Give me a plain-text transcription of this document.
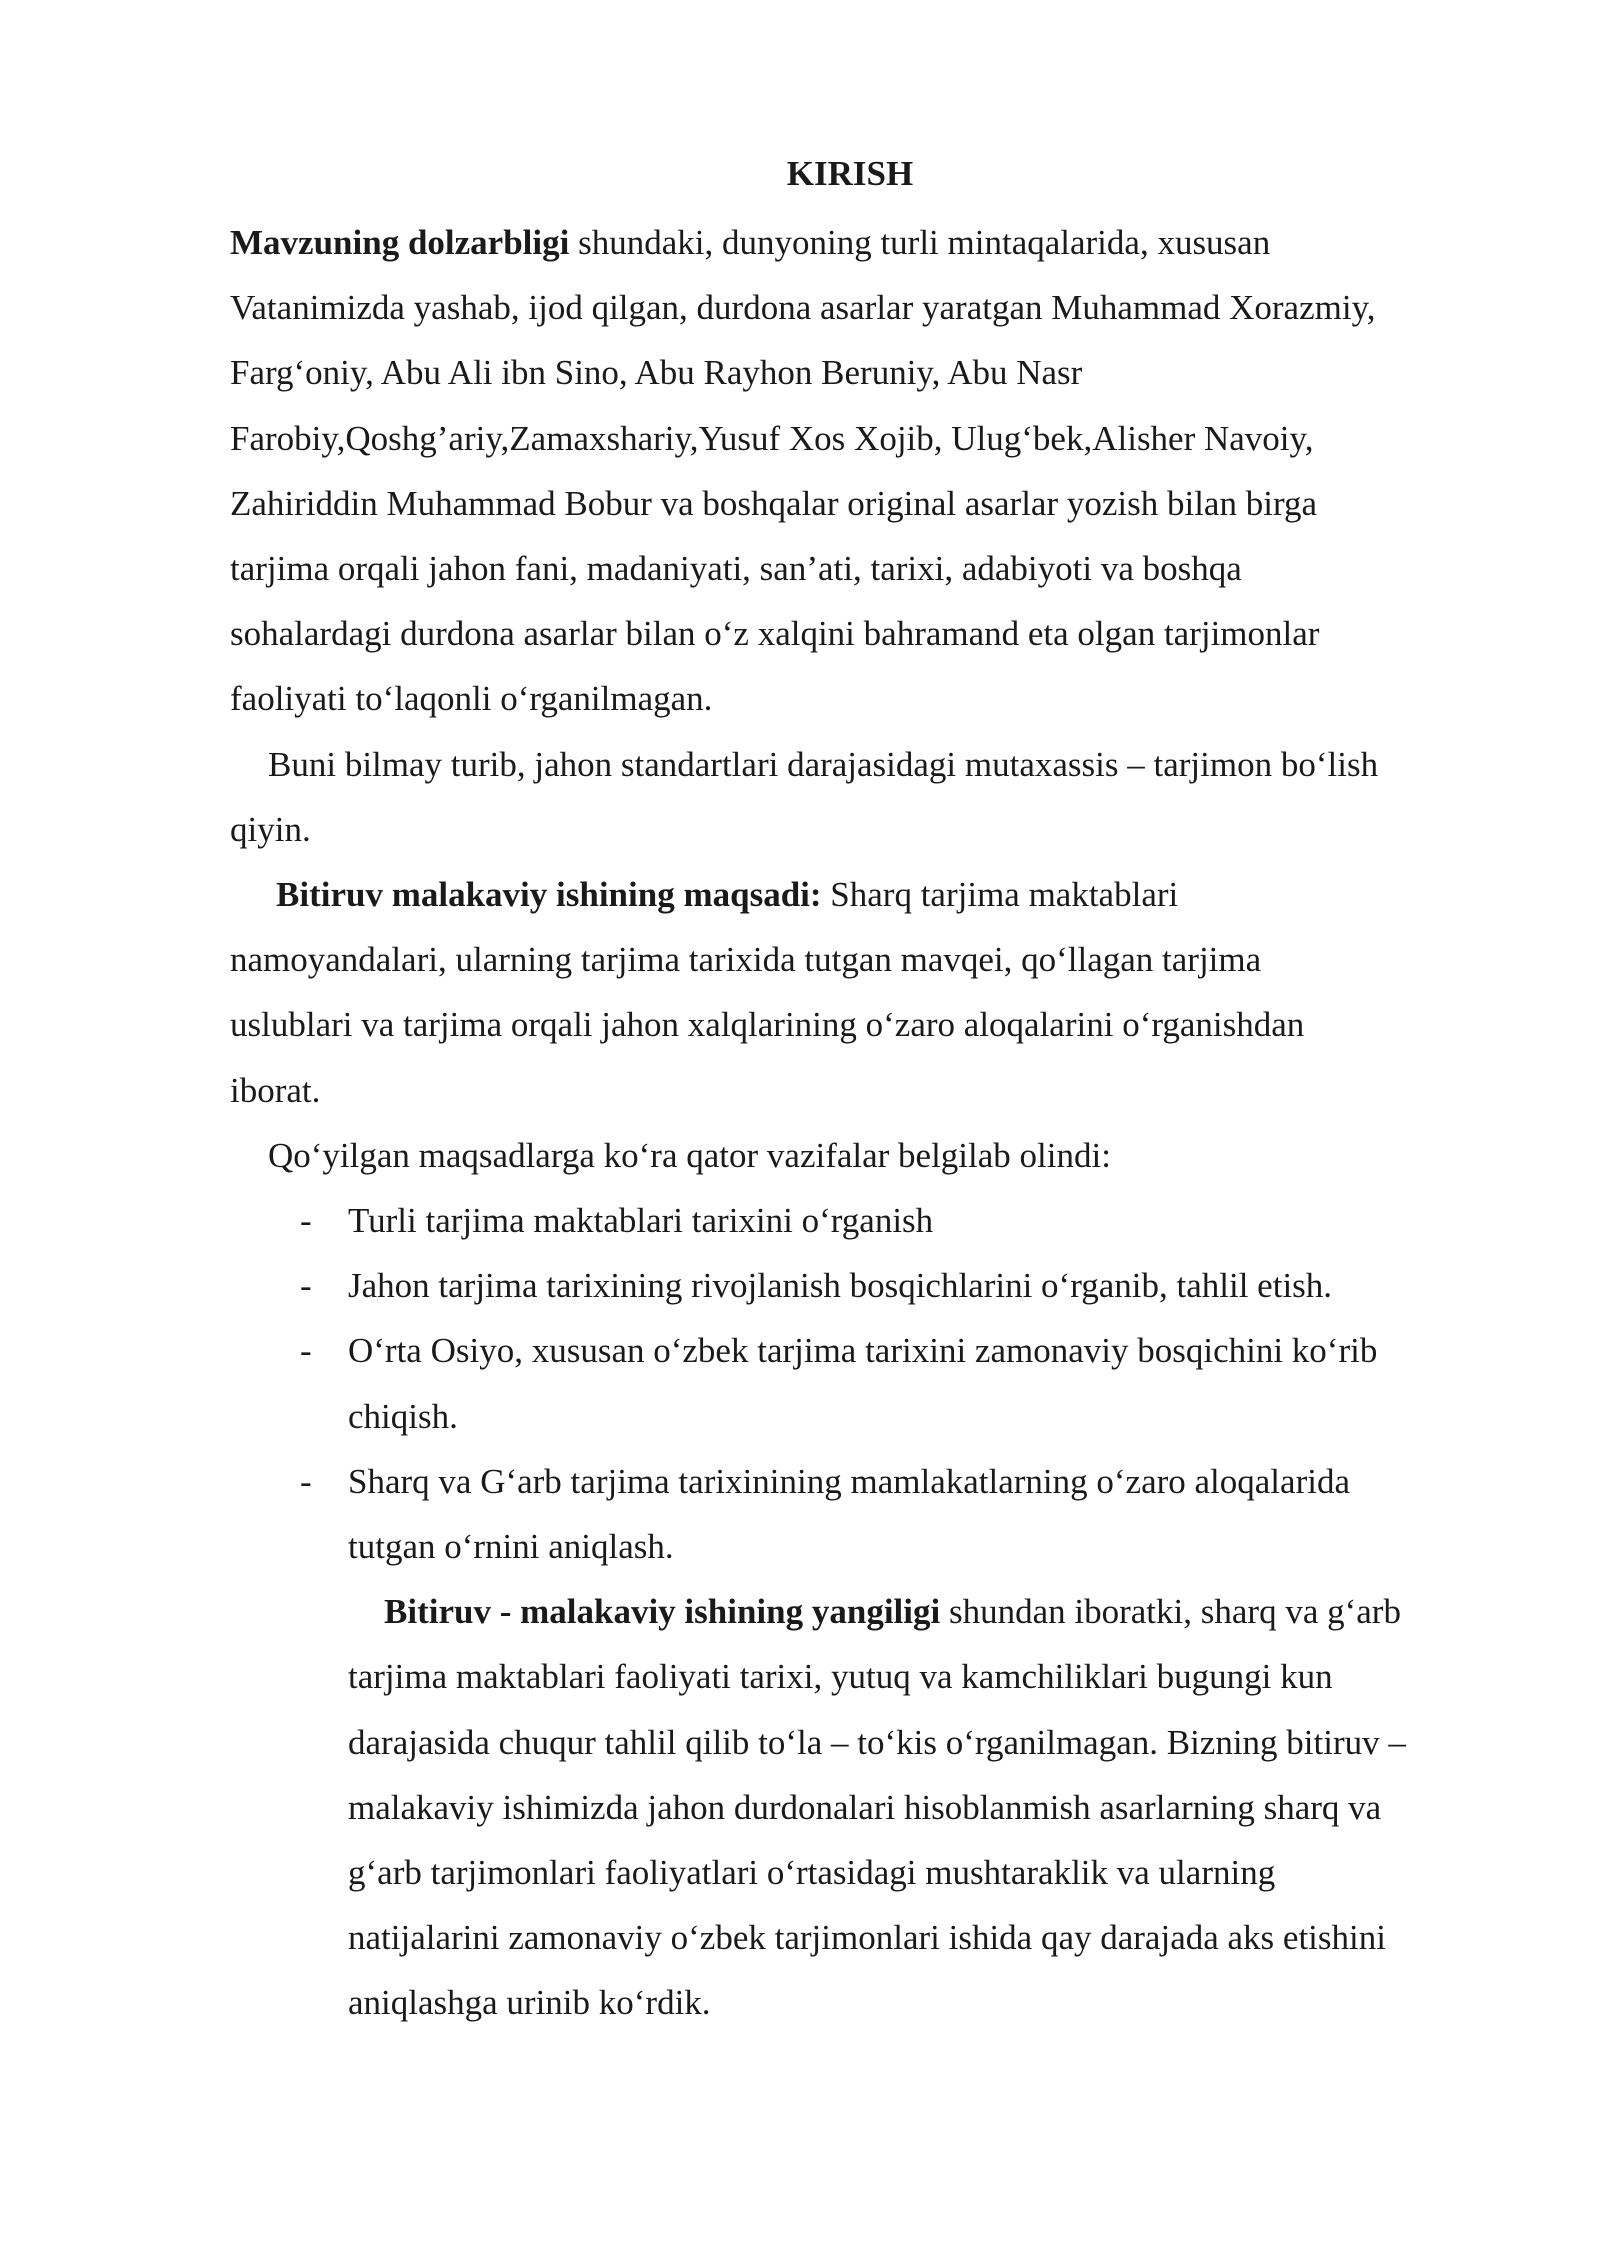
KIRISH

Mavzuning dolzarbligi shundaki, dunyoning turli mintaqalarida, xususan
Vatanimizda yashab, ijod qilgan, durdona asarlar yaratgan Muhammad Xorazmiy,
Farg‘oniy, Abu Ali ibn Sino, Abu Rayhon Beruniy, Abu Nasr
Farobiy,Qoshg’ariy,Zamaxshariy,Yusuf Xos Xojib, Ulug‘bek,Alisher Navoiy,
Zahiriddin Muhammad Bobur va boshqalar original asarlar yozish bilan birga
tarjima orqali jahon fani, madaniyati, san’ati, tarixi, adabiyoti va boshqa
sohalardagi durdona asarlar bilan o‘z xalqini bahramand eta olgan tarjimonlar
faoliyati to‘laqonli o‘rganilmagan.

Buni bilmay turib, jahon standartlari darajasidagi mutaxassis – tarjimon bo‘lish
qiyin.

Bitiruv malakaviy ishining maqsadi: Sharq tarjima maktablari
namoyandalari, ularning tarjima tarixida tutgan mavqei, qo‘llagan tarjima
uslublari va tarjima orqali jahon xalqlarining o‘zaro aloqalarini o‘rganishdan
iborat.

Qo‘yilgan maqsadlarga ko‘ra qator vazifalar belgilab olindi:

- Turli tarjima maktablari tarixini o‘rganish
- Jahon tarjima tarixining rivojlanish bosqichlarini o‘rganib, tahlil etish.
- O‘rta Osiyo, xususan o‘zbek tarjima tarixini zamonaviy bosqichini ko‘rib
chiqish.
- Sharq va G‘arb tarjima tarixinining mamlakatlarning o‘zaro aloqalarida
tutgan o‘rnini aniqlash.

Bitiruv - malakaviy ishining yangiligi shundan iboratki, sharq va g‘arb
tarjima maktablari faoliyati tarixi, yutuq va kamchiliklari bugungi kun
darajasida chuqur tahlil qilib to‘la – to‘kis o‘rganilmagan. Bizning bitiruv –
malakaviy ishimizda jahon durdonalari hisoblanmish asarlarning sharq va
g‘arb tarjimonlari faoliyatlari o‘rtasidagi mushtaraklik va ularning
natijalarini zamonaviy o‘zbek tarjimonlari ishida qay darajada aks etishini
aniqlashga urinib ko‘rdik.
